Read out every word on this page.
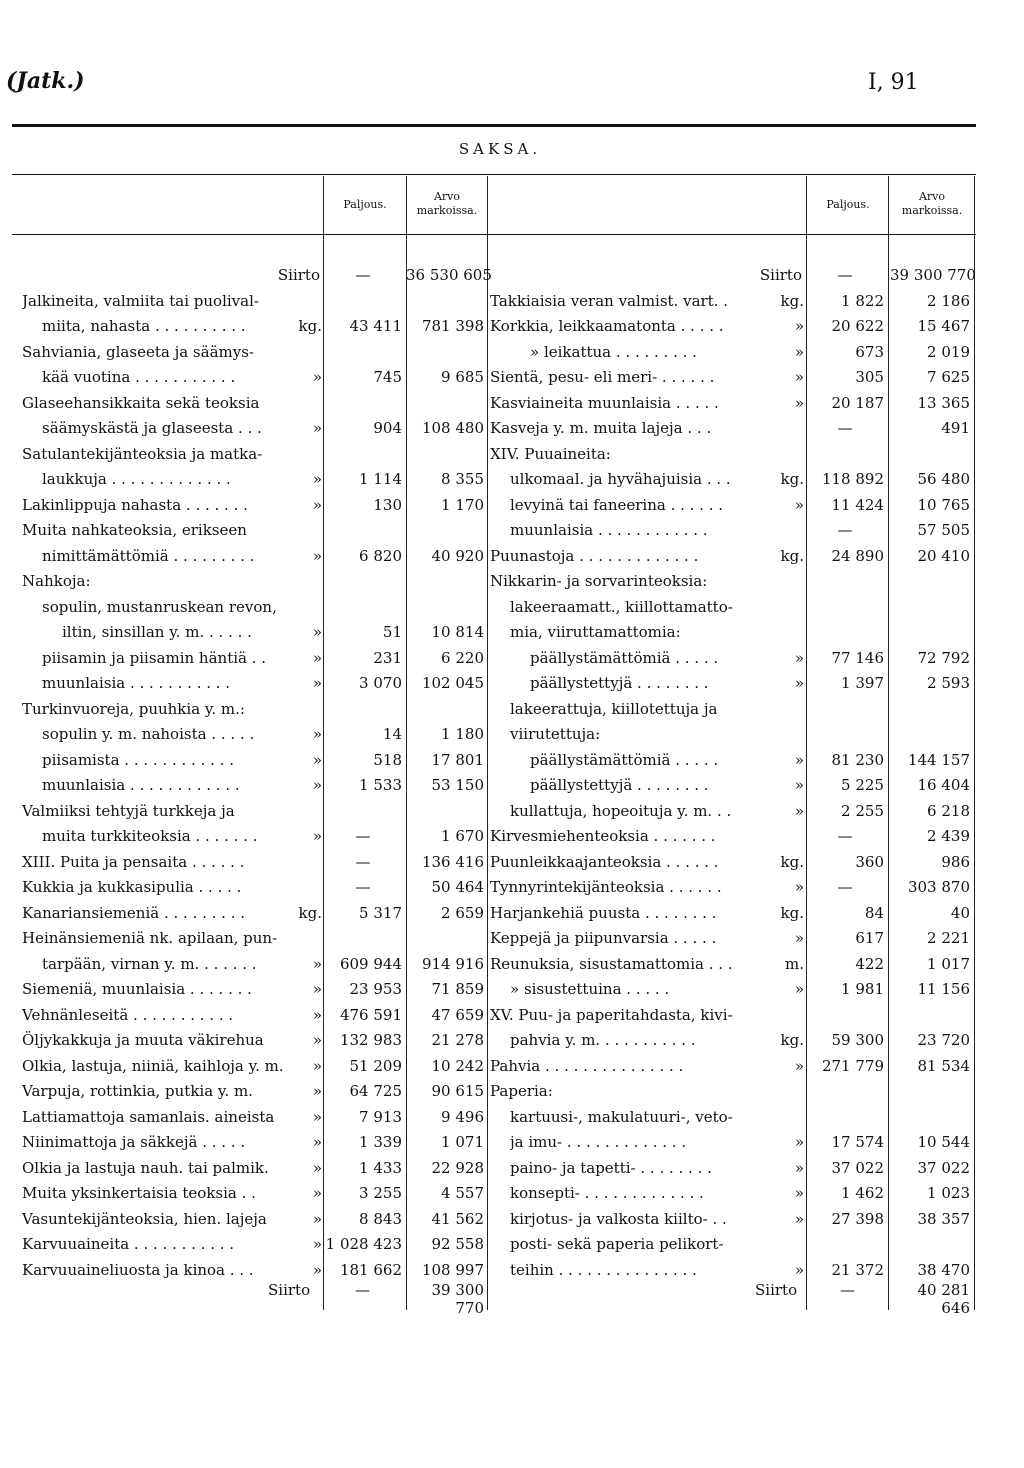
(Jatk.)	I, 91
SAKSA.
Paljous.
Arvo
markoissa.	Paljous.
Arvo
markoissa.
Siirto	—	36 530 605
Jalkineita, valmiita tai puolival-
miita, nahasta . . . . . . . . . .	kg.	43 411	781 398
Sahviania, glaseeta ja säämys-
kää vuotina . . . . . . . . . . .	»	745	9 685
Glaseehansikkaita sekä teoksia
säämyskästä ja glaseesta . . .	»	904	108 480
Satulantekijänteoksia ja matka-
laukkuja . . . . . . . . . . . . .	»	1 114	8 355
Lakinlippuja nahasta . . . . . . .	»	130	1 170
Muita nahkateoksia, erikseen
nimittämättömiä . . . . . . . . .	»	6 820	40 920
Nahkoja:
sopulin, mustanruskean revon,
iltin, sinsillan y. m. . . . . .	»	51	10 814
piisamin ja piisamin häntiä . .	»	231	6 220
muunlaisia . . . . . . . . . . .	»	3 070	102 045
Turkinvuoreja, puuhkia y. m.:
sopulin y. m. nahoista . . . . .	»	14	1 180
piisamista . . . . . . . . . . . .	»	518	17 801
muunlaisia . . . . . . . . . . . .	»	1 533	53 150
Valmiiksi tehtyjä turkkeja ja
muita turkkiteoksia . . . . . . .	»	—	1 670
XIII. Puita ja pensaita . . . . . .	—	136 416
Kukkia ja kukkasipulia . . . . .	—	50 464
Kanariansiemeniä . . . . . . . . .	kg.	5 317	2 659
Heinänsiemeniä nk. apilaan, pun-
tarpään, virnan y. m. . . . . . .	»	609 944	914 916
Siemeniä, muunlaisia . . . . . . .	»	23 953	71 859
Vehnänleseitä . . . . . . . . . . .	»	476 591	47 659
Öljykakkuja ja muuta väkirehua	»	132 983	21 278
Olkia, lastuja, niiniä, kaihloja y. m.	»	51 209	10 242
Varpuja, rottinkia, putkia y. m.	»	64 725	90 615
Lattiamattoja samanlais. aineista	»	7 913	9 496
Niinimattoja ja säkkejä . . . . .	»	1 339	1 071
Olkia ja lastuja nauh. tai palmik.	»	1 433	22 928
Muita yksinkertaisia teoksia . .	»	3 255	4 557
Vasuntekijänteoksia, hien. lajeja	»	8 843	41 562
Karvuuaineita . . . . . . . . . . .	» 1 028 423	92 558
Karvuuaineliuosta ja kinoa . . .	»	181 662	108 997
Siirto	—	39 300 770
Takkiaisia veran valmist. vart. .	kg.	1 822	2 186
Korkkia, leikkaamatonta . . . . .	»	20 622	15 467
» leikattua . . . . . . . . .	»	673	2 019
Sientä, pesu- eli meri- . . . . . .	»	305	7 625
Kasviaineita muunlaisia . . . . .	»	20 187	13 365
Kasveja y. m. muita lajeja . . .	—	491
XIV. Puuaineita:
ulkomaal. ja hyvähajuisia . . .	kg.	118 892	56 480
levyinä tai faneerina . . . . . .	»	11 424	10 765
muunlaisia . . . . . . . . . . . .	—	57 505
Puunastoja . . . . . . . . . . . . .	kg.	24 890	20 410
Nikkarin- ja sorvarinteoksia:
lakeeraamatt., kiillottamatto-
mia, viiruttamattomia:
päällystämättömiä . . . . .	»	77 146	72 792
päällystettyjä . . . . . . . .	»	1 397	2 593
lakeerattuja, kiillotettuja ja
viirutettuja:
päällystämättömiä . . . . .	»	81 230	144 157
päällystettyjä . . . . . . . .	»	5 225	16 404
kullattuja, hopeoituja y. m. . .	»	2 255	6 218
Kirvesmiehenteoksia . . . . . . .	—	2 439
Puunleikkaajanteoksia . . . . . .	kg.	360	986
Tynnyrintekijänteoksia . . . . . .	»	—	303 870
Harjankehiä puusta . . . . . . . .	kg.	84	40
Keppejä ja piipunvarsia . . . . .	»	617	2 221
Reunuksia, sisustamattomia . . .	m.	422	1 017
» sisustettuina . . . . .	»	1 981	11 156
XV. Puu- ja paperitahdasta, kivi-
pahvia y. m. . . . . . . . . . .	kg.	59 300	23 720
Pahvia . . . . . . . . . . . . . . .	»	271 779	81 534
Paperia:
kartuusi-, makulatuuri-, veto-
ja imu- . . . . . . . . . . . . .	»	17 574	10 544
paino- ja tapetti- . . . . . . . .	»	37 022	37 022
konsepti- . . . . . . . . . . . . .	»	1 462	1 023
kirjotus- ja valkosta kiilto- . .	»	27 398	38 357
posti- sekä paperia pelikort-
teihin . . . . . . . . . . . . . . .	»	21 372	38 470
Siirto	—	39 300 770
Siirto	—	40 281 646
